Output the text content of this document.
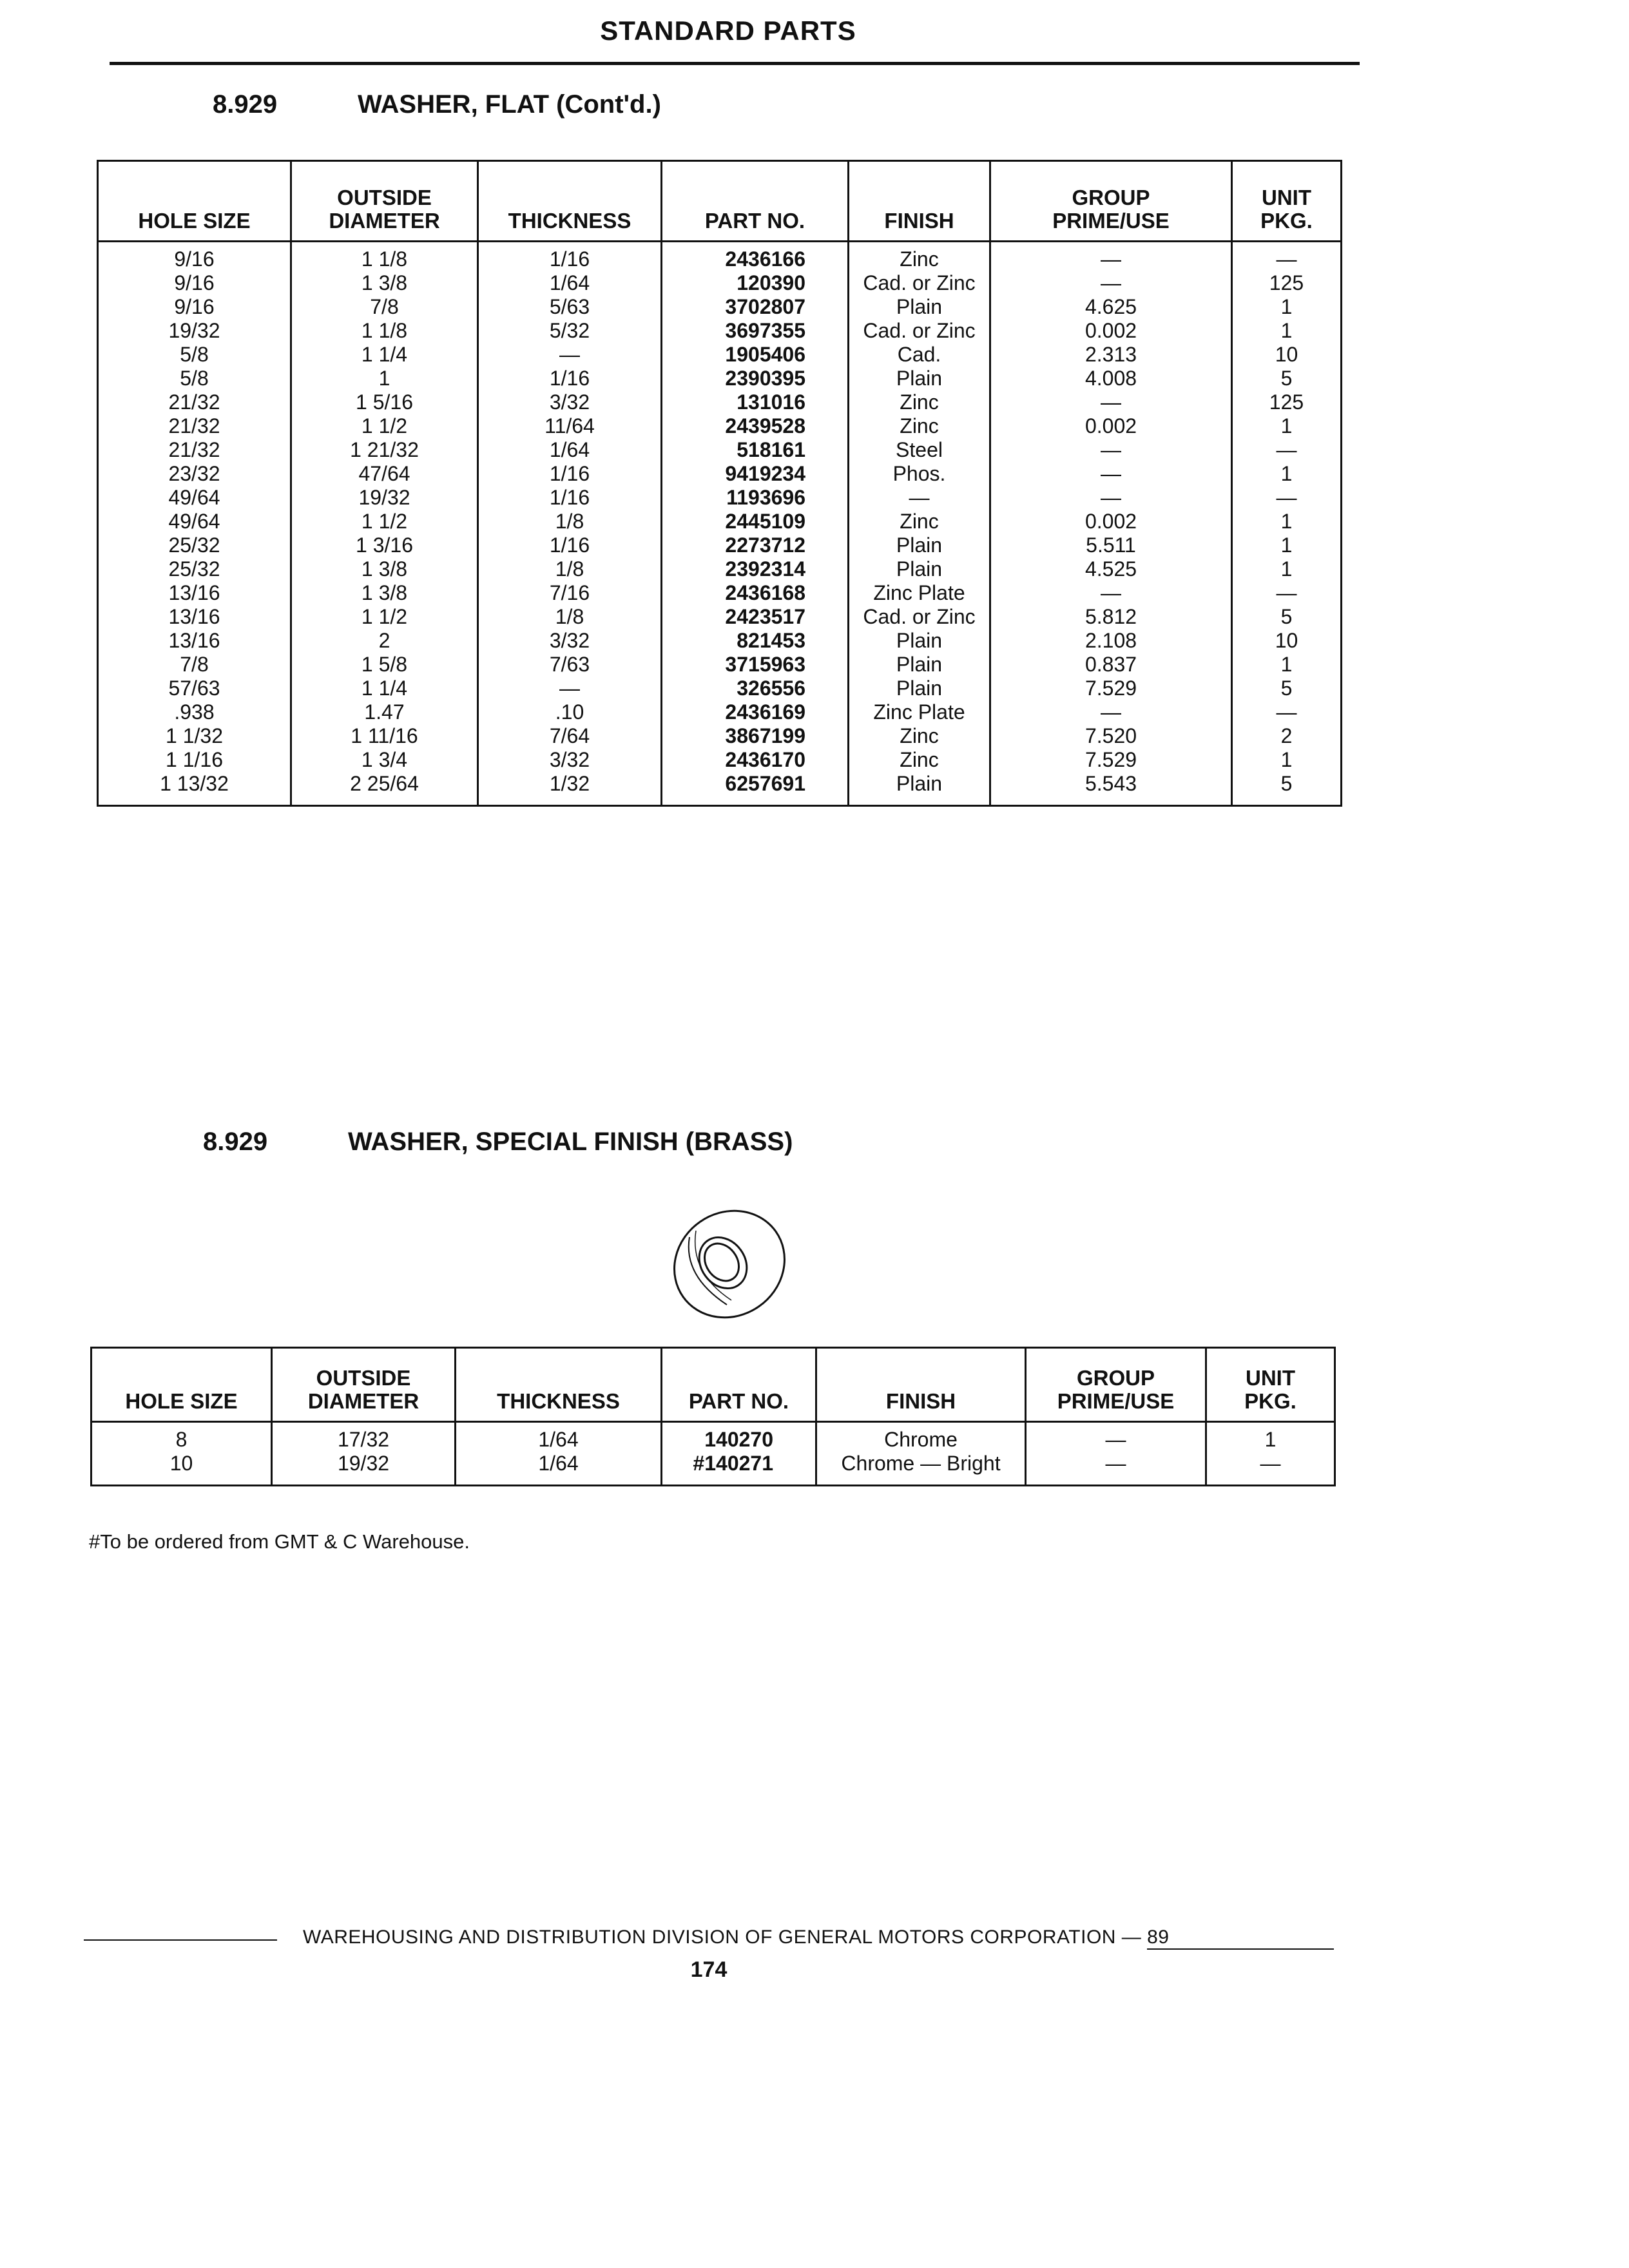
STANDARD PARTS
8.929	WASHER, FLAT (Cont'd.)
HOLE SIZE	OUTSIDE DIAMETER	THICKNESS	PART NO.	FINISH	GROUP PRIME/USE	UNIT PKG.
9/16	1 1/8	1/16	2436166	Zinc	—	—
9/16	1 3/8	1/64	120390	Cad. or Zinc	—	125
9/16	7/8	5/63	3702807	Plain	4.625	1
19/32	1 1/8	5/32	3697355	Cad. or Zinc	0.002	1
5/8	1 1/4	—	1905406	Cad.	2.313	10
5/8	1	1/16	2390395	Plain	4.008	5
21/32	1 5/16	3/32	131016	Zinc	—	125
21/32	1 1/2	11/64	2439528	Zinc	0.002	1
21/32	1 21/32	1/64	518161	Steel	—	—
23/32	47/64	1/16	9419234	Phos.	—	1
49/64	19/32	1/16	1193696	—	—	—
49/64	1 1/2	1/8	2445109	Zinc	0.002	1
25/32	1 3/16	1/16	2273712	Plain	5.511	1
25/32	1 3/8	1/8	2392314	Plain	4.525	1
13/16	1 3/8	7/16	2436168	Zinc Plate	—	—
13/16	1 1/2	1/8	2423517	Cad. or Zinc	5.812	5
13/16	2	3/32	821453	Plain	2.108	10
7/8	1 5/8	7/63	3715963	Plain	0.837	1
57/63	1 1/4	—	326556	Plain	7.529	5
.938	1.47	.10	2436169	Zinc Plate	—	—
1 1/32	1 11/16	7/64	3867199	Zinc	7.520	2
1 1/16	1 3/4	3/32	2436170	Zinc	7.529	1
1 13/32	2 25/64	1/32	6257691	Plain	5.543	5
8.929	WASHER, SPECIAL FINISH (BRASS)
HOLE SIZE	OUTSIDE DIAMETER	THICKNESS	PART NO.	FINISH	GROUP PRIME/USE	UNIT PKG.
8	17/32	1/64	140270	Chrome	—	1
10	19/32	1/64	#140271	Chrome — Bright	—	—
#To be ordered from GMT & C Warehouse.
WAREHOUSING AND DISTRIBUTION DIVISION OF GENERAL MOTORS CORPORATION — 89
174
